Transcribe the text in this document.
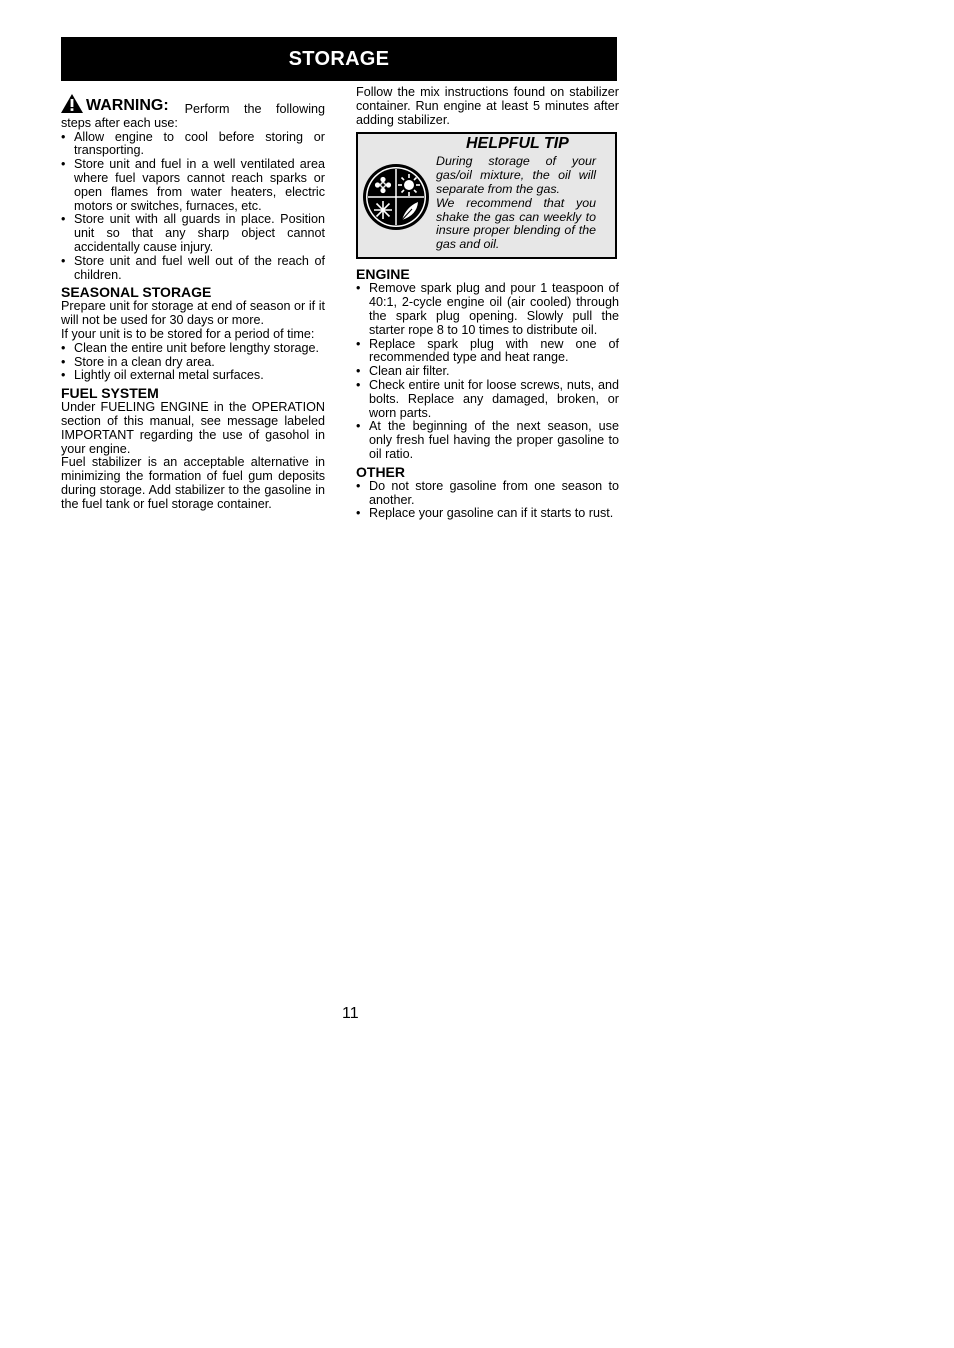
STORAGE

WARNING: Perform the following steps after each use:

• Allow engine to cool before storing or transporting.
• Store unit and fuel in a well ventilated area where fuel vapors cannot reach sparks or open flames from water heaters, electric motors or switches, furnaces, etc.
• Store unit with all guards in place. Position unit so that any sharp object cannot accidentally cause injury.
• Store unit and fuel well out of the reach of children.
SEASONAL STORAGE

Prepare unit for storage at end of season or if it will not be used for 30 days or more.

If your unit is to be stored for a period of time:

• Clean the entire unit before lengthy storage.
• Store in a clean dry area.
• Lightly oil external metal surfaces.
FUEL SYSTEM

Under FUELING ENGINE in the OPERATION section of this manual, see message labeled IMPORTANT regarding the use of gasohol in your engine.

Fuel stabilizer is an acceptable alternative in minimizing the formation of fuel gum deposits during storage. Add stabilizer to the gasoline in the fuel tank or fuel storage container.

Follow the mix instructions found on stabilizer container. Run engine at least 5 minutes after adding stabilizer.

HELPFUL TIP

During storage of your gas/oil mixture, the oil will separate from the gas.

We recommend that you shake the gas can weekly to insure proper blending of the gas and oil.

ENGINE
• Remove spark plug and pour 1 teaspoon of 40:1, 2-cycle engine oil (air cooled) through the spark plug opening. Slowly pull the starter rope 8 to 10 times to distribute oil.
• Replace spark plug with new one of recommended type and heat range.
• Clean air filter.
• Check entire unit for loose screws, nuts, and bolts. Replace any damaged, broken, or worn parts.
• At the beginning of the next season, use only fresh fuel having the proper gasoline to oil ratio.
OTHER
• Do not store gasoline from one season to another.
• Replace your gasoline can if it starts to rust.
11
